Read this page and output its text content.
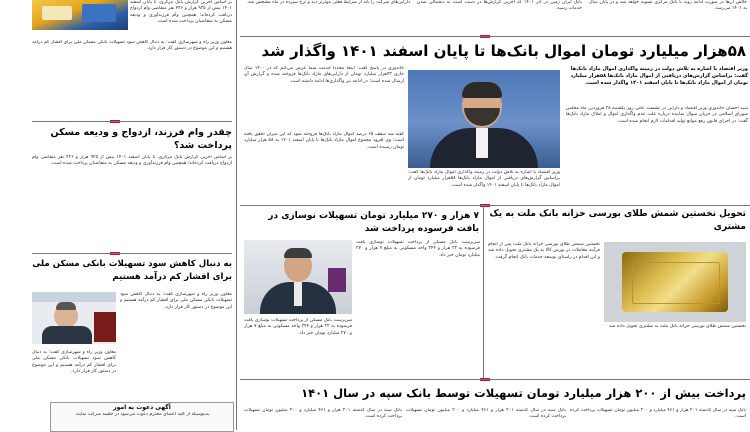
خالص آن‌ها در صورت ادامه روند با بانک مرکزی تسویه خواهد شد و در پایان سال به ۱۴۰۱ می‌رسد.

بانک ایران زمین در آذر ۱۴۰۱ که آخرین گزارش‌ها در دست است به دیجیتالی شدن خدمات رسید.

دارایی‌های شرکت را باید از شرایط فعلی موثرتر دید و نرخ سپرده در ماه مشخص شد.

بر اساس آخرین گزارش بانک مرکزی، تا پایان اسفند ۱۴۰۱ بیش از ۹۲۵ هزار و ۴۲۶ نفر متقاضی وام ازدواج دریافت کرده‌اند؛ همچنین وام فرزندآوری و ودیعه مسکن به متقاضیان پرداخت شده است.

معاون وزیر راه و شهرسازی گفت: به دنبال کاهش سود تسهیلات بانکی مسکن ملی برای اقشار کم درآمد هستیم و این موضوع در دستور کار قرار دارد.

چقدر وام فرزند، ازدواج و ودیعه مسکن پرداخت شد؟

بر اساس آخرین گزارش بانک مرکزی، تا پایان اسفند ۱۴۰۱ بیش از ۹۲۵ هزار و ۴۲۶ نفر متقاضی وام ازدواج دریافت کرده‌اند؛ همچنین وام فرزندآوری و ودیعه مسکن به متقاضیان پرداخت شده است.

به دنبال کاهش سود تسهیلات بانکی مسکن ملی برای اقشار کم درآمد هستیم

معاون وزیر راه و شهرسازی گفت: به دنبال کاهش سود تسهیلات بانکی مسکن ملی برای اقشار کم درآمد هستیم و این موضوع در دستور کار قرار دارد.

معاون وزیر راه و شهرسازی گفت: به دنبال کاهش سود تسهیلات بانکی مسکن ملی برای اقشار کم درآمد هستیم و این موضوع در دستور کار قرار دارد.

آگهی دعوت به امور

بدینوسیله از کلیه اعضای محترم دعوت می‌شود در جلسه شرکت نمایند.

۵۸هزار میلیارد تومان اموال بانک‌ها تا پایان اسفند ۱۴۰۱ واگذار شد
وزیر اقتصاد با اشاره به تلاش دولت در زمینه واگذاری اموال مازاد بانک‌ها گفت: براساس گزارش‌های دریافتی از اموال مازاد بانک‌ها ۵۸هزار میلیارد تومان از اموال مازاد بانک‌ها تا پایان اسفند ۱۴۰۱ واگذار شده است.

سید احسان خاندوزی وزیر اقتصاد و دارایی در نشست علنی روز یکشنبه ۲۸ فروردین ماه مجلس شورای اسلامی در جریان سوال نماینده درباره علت عدم واگذاری اموال و املاک مازاد بانک‌ها گفت: در اجرای قانون رفع موانع تولید اقدامات لازم انجام شده است.

وزیر اقتصاد با اشاره به تلاش دولت در زمینه واگذاری اموال مازاد بانک‌ها گفت: براساس گزارش‌های دریافتی از اموال مازاد بانک‌ها ۵۸هزار میلیارد تومان از اموال مازاد بانک‌ها تا پایان اسفند ۱۴۰۱ واگذار شده است.

خاندوزی در پاسخ گفت: اینجا مجددا خدمت شما عرض می‌کنم که در ۱۴۰۰ سال جاری ۴۳هزار میلیارد تومان از دارایی‌های مازاد بانک‌ها فروخته شده و گزارش آن ارسال شده است؛ در ادامه نیز واگذاری‌ها ادامه داشته است.

گفته شد سقف ۶۵ درصد اموال مازاد بانک‌ها فروخته شود که این میزان تحقق یافته است؛ وی افزود مجموع اموال مازاد بانک‌ها تا پایان اسفند ۱۴۰۱ به ۵۸ هزار میلیارد تومان رسیده است.

تحویل نخستین شمش طلای بورسی خزانه بانک ملت به یک مشتری

نخستین شمش طلای بورسی خزانه بانک ملت به مشتری تحویل داده شد

نخستین شمش طلای بورسی خزانه بانک ملت پس از انجام فرآیند معاملات در بورس کالا به یک مشتری تحویل داده شد و این اقدام در راستای توسعه خدمات بانک انجام گرفت.

۷ هزار و ۲۷۰ میلیارد تومان تسهیلات نوسازی در بافت فرسوده پرداخت شد

سرپرست بانک مسکن از پرداخت تسهیلات نوسازی بافت فرسوده به ۲۲ هزار و ۲۴۴ واحد مسکونی به مبلغ ۷ هزار و ۲۷۰ میلیارد تومان خبر داد.

سرپرست بانک مسکن از پرداخت تسهیلات نوسازی بافت فرسوده به ۲۲ هزار و ۲۴۴ واحد مسکونی به مبلغ ۷ هزار و ۲۷۰ میلیارد تومان خبر داد.

پرداخت بیش از ۲۰۰ هزار میلیارد تومان تسهیلات توسط بانک سپه در سال ۱۴۰۱

بانک سپه در سال گذشته ۲۰۱ هزار و ۴۶۱ میلیارد و ۲۰۰ میلیون تومان تسهیلات پرداخت کرده است.

بانک سپه در سال گذشته ۲۰۱ هزار و ۴۶۱ میلیارد و ۲۰۰ میلیون تومان تسهیلات پرداخت کرده است.

بانک سپه در سال گذشته ۲۰۱ هزار و ۴۶۱ میلیارد و ۲۰۰ میلیون تومان تسهیلات پرداخت کرده است.
